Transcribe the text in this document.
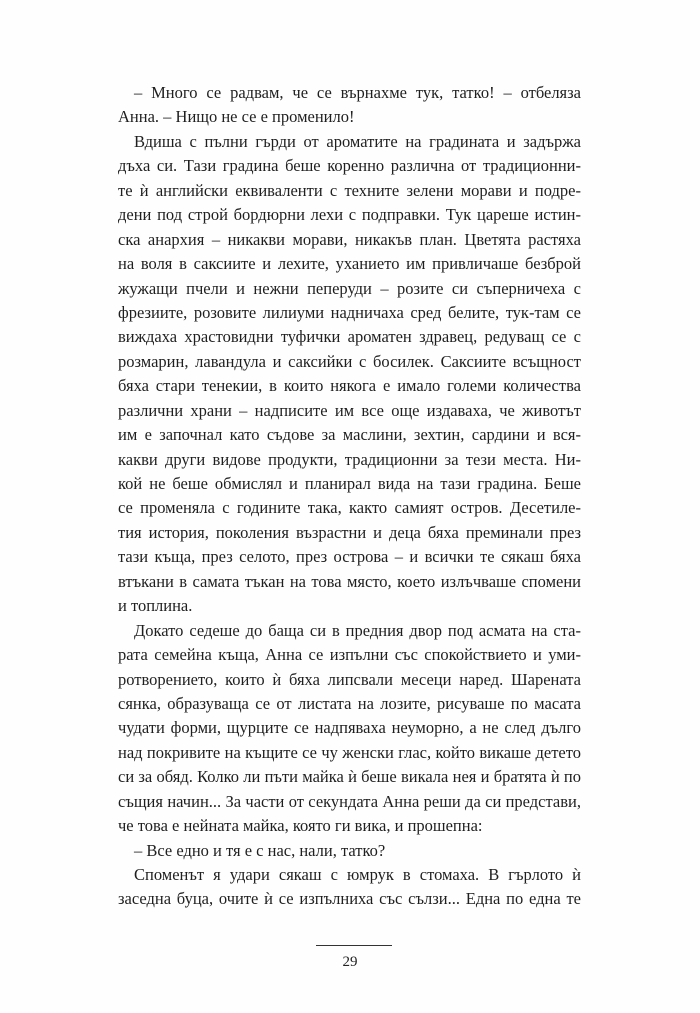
– Много се радвам, че се върнахме тук, татко! – отбеляза
Анна. – Нищо не се е променило!
Вдиша с пълни гърди от ароматите на градината и задържа
дъха си. Тази градина беше коренно различна от традиционни-
те ѝ английски еквиваленти с техните зелени морави и подре-
дени под строй бордюрни лехи с подправки. Тук цареше истин-
ска анархия – никакви морави, никакъв план. Цветята растяха
на воля в саксиите и лехите, уханието им привличаше безброй
жужащи пчели и нежни пеперуди – розите си съперничеха с
фрезиите, розовите лилиуми надничаха сред белите, тук-там се
виждаха храстовидни туфички ароматен здравец, редуващ се с
розмарин, лавандула и саксийки с босилек. Саксиите всъщност
бяха стари тенекии, в които някога е имало големи количества
различни храни – надписите им все още издаваха, че животът
им е започнал като съдове за маслини, зехтин, сардини и вся-
какви други видове продукти, традиционни за тези места. Ни-
кой не беше обмислял и планирал вида на тази градина. Беше
се променяла с годините така, както самият остров. Десетиле-
тия история, поколения възрастни и деца бяха преминали през
тази къща, през селото, през острова – и всички те сякаш бяха
втъкани в самата тъкан на това място, което излъчваше спомени
и топлина.
Докато седеше до баща си в предния двор под асмата на ста-
рата семейна къща, Анна се изпълни със спокойствието и уми-
ротворението, които ѝ бяха липсвали месеци наред. Шарената
сянка, образуваща се от листата на лозите, рисуваше по масата
чудати форми, щурците се надпяваха неуморно, а не след дълго
над покривите на къщите се чу женски глас, който викаше детето
си за обяд. Колко ли пъти майка ѝ беше викала нея и братята ѝ по
същия начин... За части от секундата Анна реши да си представи,
че това е нейната майка, която ги вика, и прошепна:
– Все едно и тя е с нас, нали, татко?
Споменът я удари сякаш с юмрук в стомаха. В гърлото ѝ
заседна буца, очите ѝ се изпълниха със сълзи... Една по една те
29
